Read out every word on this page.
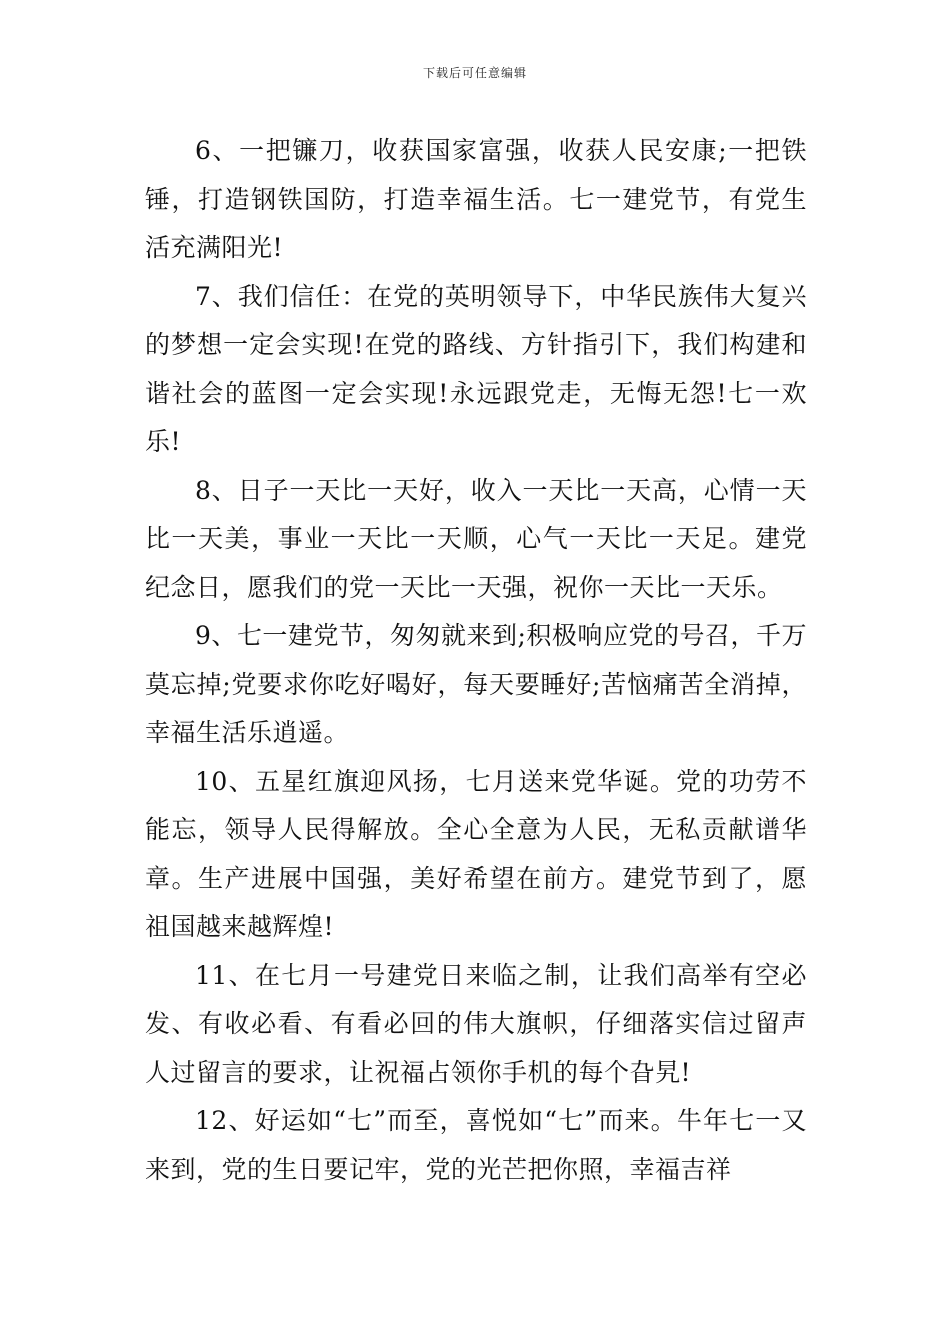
下载后可任意编辑

6、一把镰刀，收获国家富强，收获人民安康;一把铁锤，打造钢铁国防，打造幸福生活。七一建党节，有党生活充满阳光!

7、我们信任：在党的英明领导下，中华民族伟大复兴的梦想一定会实现!在党的路线、方针指引下，我们构建和谐社会的蓝图一定会实现!永远跟党走，无悔无怨!七一欢乐!

8、日子一天比一天好，收入一天比一天高，心情一天比一天美，事业一天比一天顺，心气一天比一天足。建党纪念日，愿我们的党一天比一天强，祝你一天比一天乐。

9、七一建党节，匆匆就来到;积极响应党的号召，千万莫忘掉;党要求你吃好喝好，每天要睡好;苦恼痛苦全消掉，幸福生活乐逍遥。

10、五星红旗迎风扬，七月送来党华诞。党的功劳不能忘，领导人民得解放。全心全意为人民，无私贡献谱华章。生产进展中国强，美好希望在前方。建党节到了，愿祖国越来越辉煌!

11、在七月一号建党日来临之制，让我们高举有空必发、有收必看、有看必回的伟大旗帜，仔细落实信过留声人过留言的要求，让祝福占领你手机的每个旮旯!

12、好运如“七”而至，喜悦如“七”而来。牛年七一又来到，党的生日要记牢，党的光芒把你照，幸福吉祥
